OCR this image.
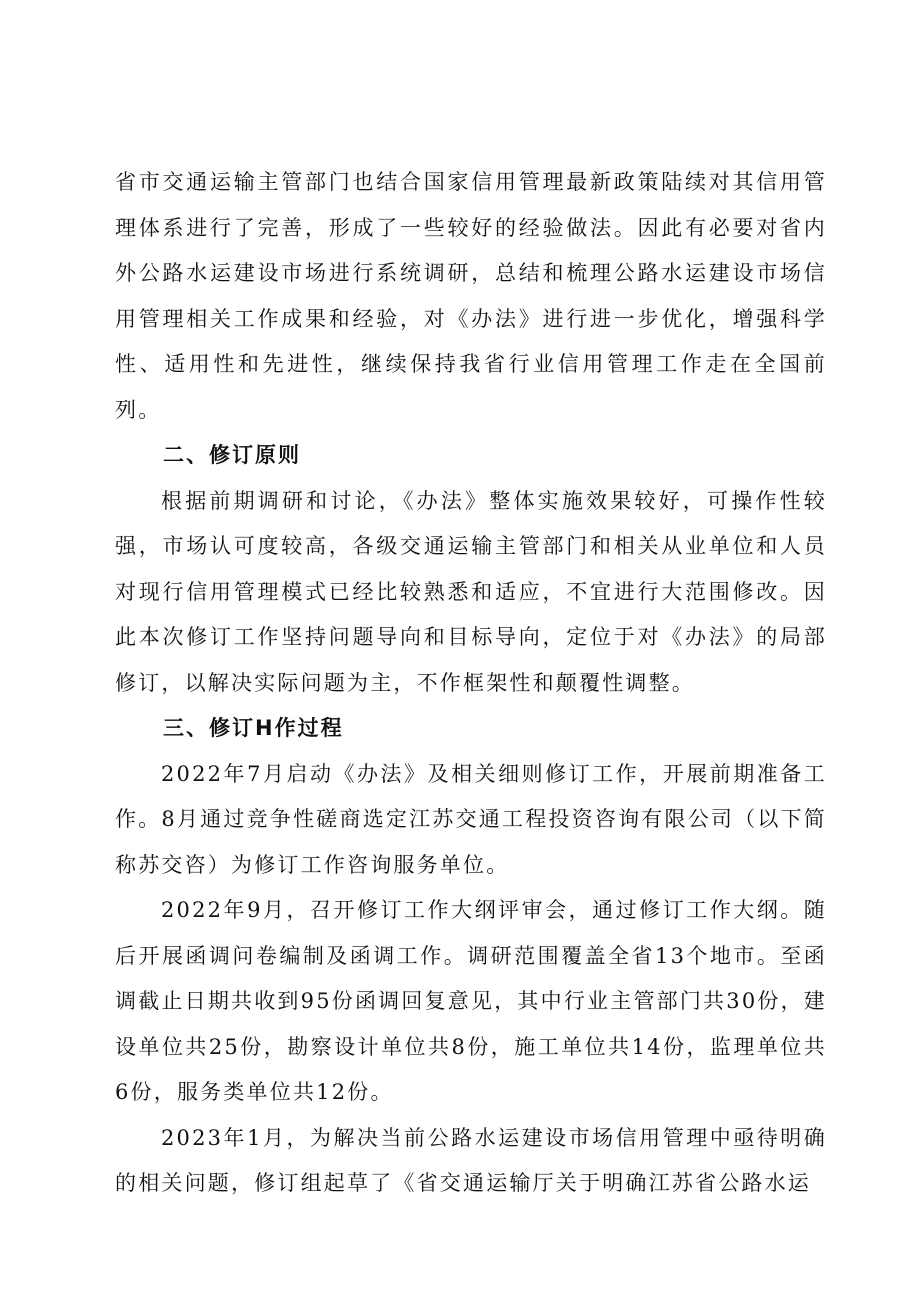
省市交通运输主管部门也结合国家信用管理最新政策陆续对其信用管理体系进行了完善，形成了一些较好的经验做法。因此有必要对省内外公路水运建设市场进行系统调研，总结和梳理公路水运建设市场信用管理相关工作成果和经验，对《办法》进行进一步优化，增强科学性、适用性和先进性，继续保持我省行业信用管理工作走在全国前列。

二、修订原则

根据前期调研和讨论，《办法》整体实施效果较好，可操作性较强，市场认可度较高，各级交通运输主管部门和相关从业单位和人员对现行信用管理模式已经比较熟悉和适应，不宜进行大范围修改。因此本次修订工作坚持问题导向和目标导向，定位于对《办法》的局部修订，以解决实际问题为主，不作框架性和颠覆性调整。

三、修订H作过程

2022年7月启动《办法》及相关细则修订工作，开展前期准备工作。8月通过竞争性磋商选定江苏交通工程投资咨询有限公司（以下简称苏交咨）为修订工作咨询服务单位。

2022年9月，召开修订工作大纲评审会，通过修订工作大纲。随后开展函调问卷编制及函调工作。调研范围覆盖全省13个地市。至函调截止日期共收到95份函调回复意见，其中行业主管部门共30份，建设单位共25份，勘察设计单位共8份，施工单位共14份，监理单位共6份，服务类单位共12份。

2023年1月，为解决当前公路水运建设市场信用管理中亟待明确的相关问题，修订组起草了《省交通运输厅关于明确江苏省公路水运
